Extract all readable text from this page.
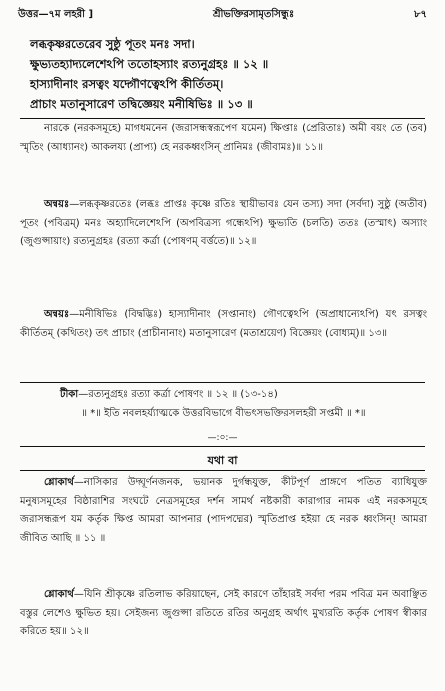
উত্তর—৭ম লহরী ]	শ্রীভক্তিরসামৃতসিন্ধুঃ	৮৭
লব্ধকৃষ্ণরতেরেব সুষ্ঠু পূতং মনঃ সদা।
ক্ষুভ্যতহ্যাদ্যলেশেঽপি ততোহস্যাং রত্যনুগ্রহঃ ॥ ১২ ॥
হাস্যাদীনাং রসত্বং যদ্গৌণত্বেঽপি কীর্তিতম্।
প্রাচাং মতানুসারেণ তদ্বিজ্ঞেয়ং মনীষিভিঃ ॥ ১৩ ॥

নারকে (নরকসমূহে) মাগধমনেন (জরাসন্ধস্বরূপেণ যমেন) ক্ষিপ্তাঃ (প্রেরিতাঃ) অমী বয়ং তে (তব) স্মৃতিং (আধ্যানং) আকলয্য (প্রাপ্য) হে নরকধ্বংসিন্ প্রানিমঃ (জীবামঃ)॥ ১১॥

অন্বয়ঃ—লব্ধকৃষ্ণরতেঃ (লব্ধঃ প্রাপ্তঃ কৃষ্ণে রতিঃ স্থায়ীভাবঃ যেন তস্য) সদা (সর্বদা) সুষ্ঠু (অতীব) পূতং (পবিত্রম্) মনঃ অহ্যাদিলেশেঽপি (অপবিত্রস্য গন্ধেঽপি) ক্ষুভ্যতি (চলতি) ততঃ (তস্মাৎ) অস্যাং (জুগুপ্সায়াং) রত্যনুগ্রহঃ (রত্যা কর্ত্রা (পোষণম্ বর্ত্ততে)॥ ১২॥

অন্বয়ঃ—মনীষিভিঃ (বিদ্বদ্ভিঃ) হাস্যাদীনাং (সপ্তানাং) গৌণত্বেঽপি (অপ্রাধান্যেঽপি) যৎ রসত্বং কীর্তিতম্ (কথিতং) তৎ প্রাচাং (প্রাচীনানাং) মতানুসারেণ (মতাশ্রয়েণ) বিজ্ঞেয়ং (বোধ্যম্)॥ ১৩॥

টীকা—রত্যনুগ্রহঃ রত্যা কর্ত্রা পোষণং ॥ ১২ ॥ (১৩-১৪)

॥ *॥ ইতি নবলহর্য্যাত্মকে উত্তরবিভাগে বীভৎসভক্তিরসলহরী সপ্তমী ॥ *॥
—:০:—
যথা বা

শ্লোকার্থ—নাসিকার উদ্ঘূর্ণনজনক, ভয়ানক দুর্গন্ধযুক্ত, কীটপূর্ণ প্রাঙ্গণে পতিত ব্যাধিযুক্ত মনুষ্যসমূহের বিষ্ঠারাশির সংঘটে নেত্রসমূহের দর্শন সামর্থ নষ্টকারী কারাগার নামক এই নরকসমূহে জরাসন্ধরূপ যম কর্তৃক ক্ষিপ্ত আমরা আপনার (পাদপদ্মের) স্মৃতিপ্রাপ্ত হইয়া হে নরক ধ্বংসিন্! আমরা জীবিত আছি ॥ ১১ ॥

শ্লোকার্থ—যিনি শ্রীকৃষ্ণে রতিলাভ করিয়াছেন, সেই কারণে তাঁহারই সর্বদা পরম পবিত্র মন অবাঞ্ছিত বস্তুর লেশেও ক্ষুভিত হয়। সেইজন্য জুগুপ্সা রতিতে রতির অনুগ্রহ অর্থাৎ মুখ্যরতি কর্তৃক পোষণ স্বীকার করিতে হয়॥ ১২॥
